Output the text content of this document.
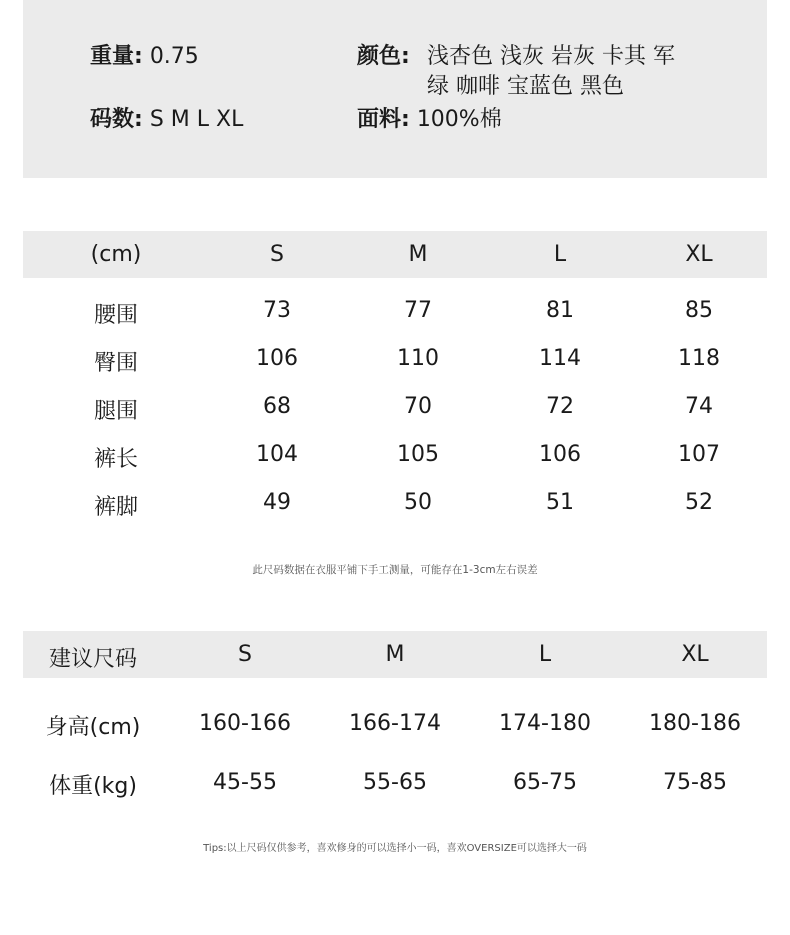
重量: 0.75
码数: S M L XL
颜色: 浅杏色 浅灰 岩灰 卡其 军
绿 咖啡 宝蓝色 黑色
面料: 100%棉
(cm)	S	M	L	XL
腰围	73	77	81	85
臀围	106	110	114	118
腿围	68	70	72	74
裤长	104	105	106	107
裤脚	49	50	51	52
此尺码数据在衣服平铺下手工测量，可能存在1-3cm左右误差
建议尺码	S	M	L	XL
身高(cm)	160-166	166-174	174-180	180-186
体重(kg)	45-55	55-65	65-75	75-85
Tips:以上尺码仅供参考，喜欢修身的可以选择小一码，喜欢OVERSIZE可以选择大一码
